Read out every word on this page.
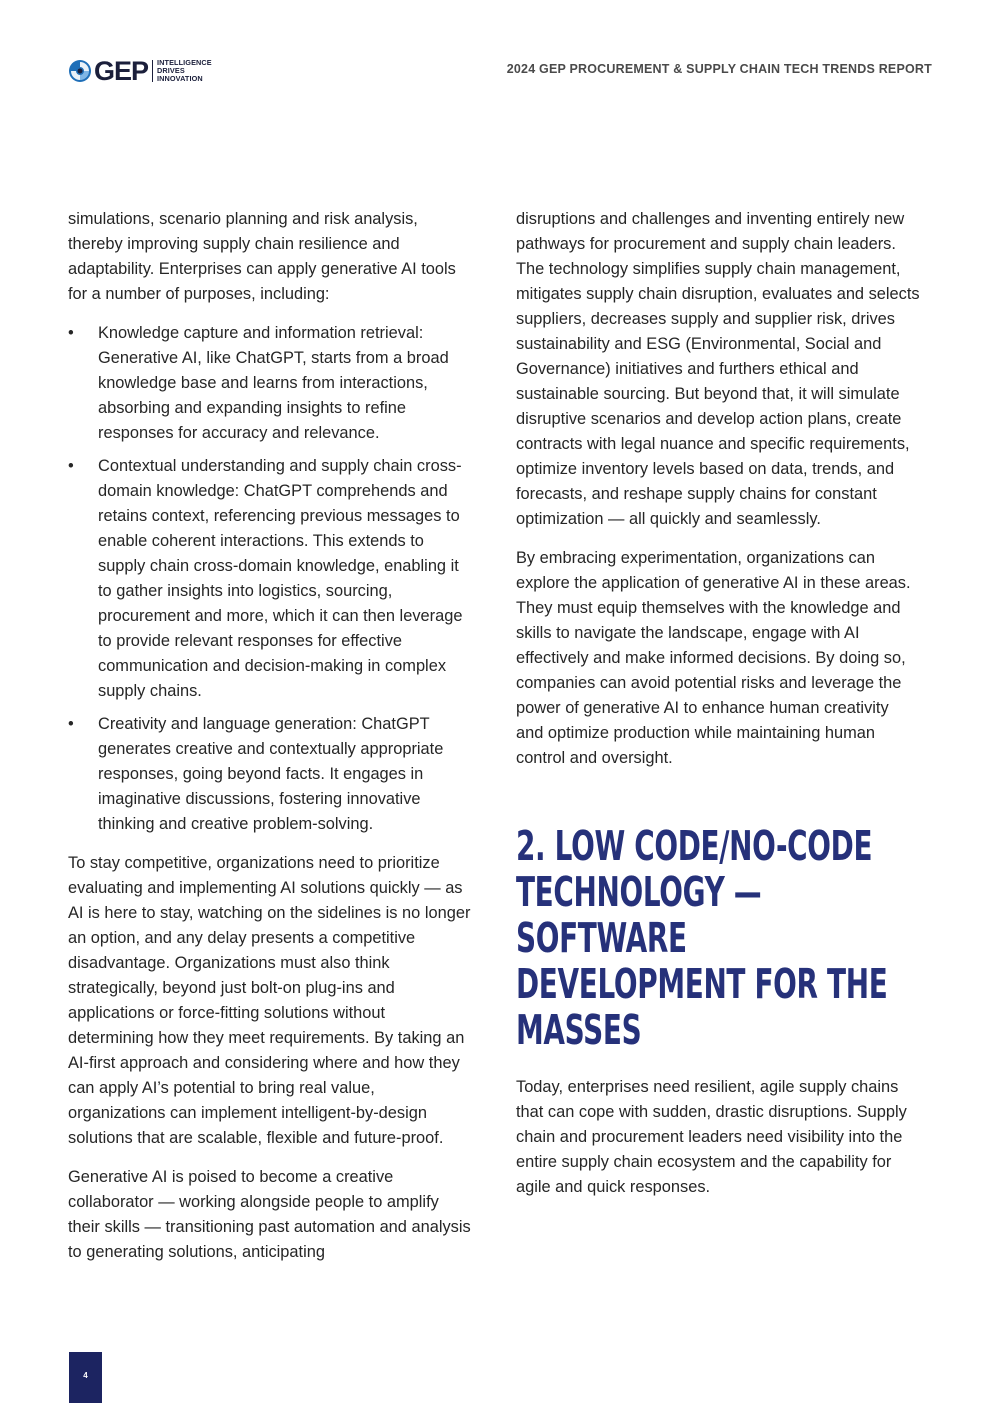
GEP INTELLIGENCE
DRIVES
INNOVATION
2024 GEP PROCUREMENT & SUPPLY CHAIN TECH TRENDS REPORT

simulations, scenario planning and risk analysis, thereby improving supply chain resilience and adaptability. Enterprises can apply generative AI tools for a number of purposes, including:

• Knowledge capture and information retrieval: Generative AI, like ChatGPT, starts from a broad knowledge base and learns from interactions, absorbing and expanding insights to refine responses for accuracy and relevance.
• Contextual understanding and supply chain cross-domain knowledge: ChatGPT comprehends and retains context, referencing previous messages to enable coherent interactions. This extends to supply chain cross-domain knowledge, enabling it to gather insights into logistics, sourcing, procurement and more, which it can then leverage to provide relevant responses for effective communication and decision-making in complex supply chains.
• Creativity and language generation: ChatGPT generates creative and contextually appropriate responses, going beyond facts. It engages in imaginative discussions, fostering innovative thinking and creative problem-solving.

To stay competitive, organizations need to prioritize evaluating and implementing AI solutions quickly — as AI is here to stay, watching on the sidelines is no longer an option, and any delay presents a competitive disadvantage. Organizations must also think strategically, beyond just bolt-on plug-ins and applications or force-fitting solutions without determining how they meet requirements. By taking an AI-first approach and considering where and how they can apply AI’s potential to bring real value, organizations can implement intelligent-by-design solutions that are scalable, flexible and future-proof.

Generative AI is poised to become a creative collaborator — working alongside people to amplify their skills — transitioning past automation and analysis to generating solutions, anticipating

disruptions and challenges and inventing entirely new pathways for procurement and supply chain leaders. The technology simplifies supply chain management, mitigates supply chain disruption, evaluates and selects suppliers, decreases supply and supplier risk, drives sustainability and ESG (Environmental, Social and Governance) initiatives and furthers ethical and sustainable sourcing. But beyond that, it will simulate disruptive scenarios and develop action plans, create contracts with legal nuance and specific requirements, optimize inventory levels based on data, trends, and forecasts, and reshape supply chains for constant optimization — all quickly and seamlessly.

By embracing experimentation, organizations can explore the application of generative AI in these areas. They must equip themselves with the knowledge and skills to navigate the landscape, engage with AI effectively and make informed decisions. By doing so, companies can avoid potential risks and leverage the power of generative AI to enhance human creativity and optimize production while maintaining human control and oversight.

2. LOW CODE/NO-CODE TECHNOLOGY — SOFTWARE DEVELOPMENT FOR THE MASSES

Today, enterprises need resilient, agile supply chains that can cope with sudden, drastic disruptions. Supply chain and procurement leaders need visibility into the entire supply chain ecosystem and the capability for agile and quick responses.

4
